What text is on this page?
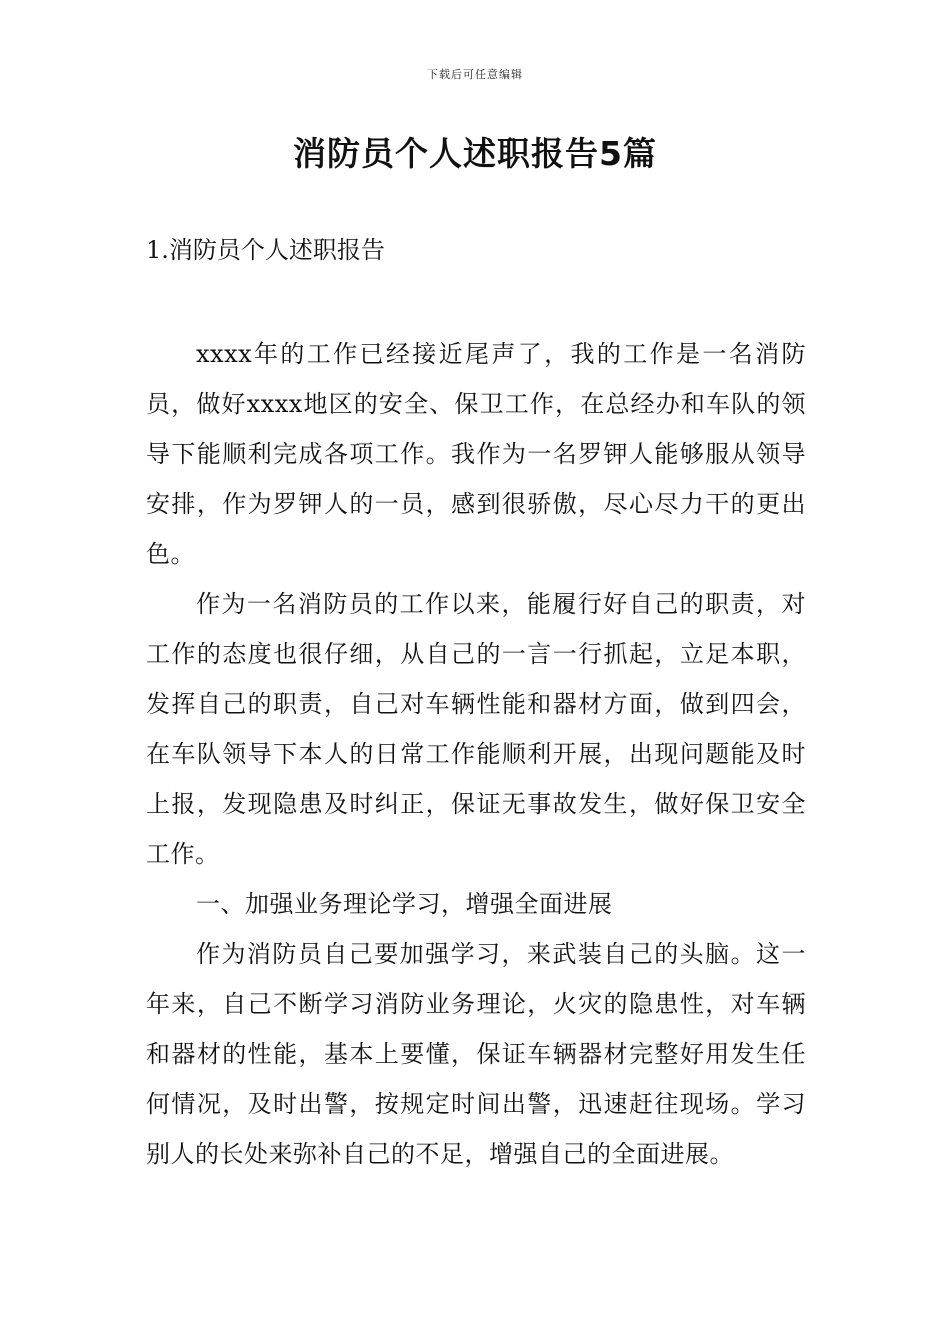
下载后可任意编辑
消防员个人述职报告5篇
1.消防员个人述职报告

xxxx年的工作已经接近尾声了，我的工作是一名消防员，做好xxxx地区的安全、保卫工作，在总经办和车队的领导下能顺利完成各项工作。我作为一名罗钾人能够服从领导安排，作为罗钾人的一员，感到很骄傲，尽心尽力干的更出色。

作为一名消防员的工作以来，能履行好自己的职责，对工作的态度也很仔细，从自己的一言一行抓起，立足本职，发挥自己的职责，自己对车辆性能和器材方面，做到四会，在车队领导下本人的日常工作能顺利开展，出现问题能及时上报，发现隐患及时纠正，保证无事故发生，做好保卫安全工作。

一、加强业务理论学习，增强全面进展

作为消防员自己要加强学习，来武装自己的头脑。这一年来，自己不断学习消防业务理论，火灾的隐患性，对车辆和器材的性能，基本上要懂，保证车辆器材完整好用发生任何情况，及时出警，按规定时间出警，迅速赶往现场。学习别人的长处来弥补自己的不足，增强自己的全面进展。
